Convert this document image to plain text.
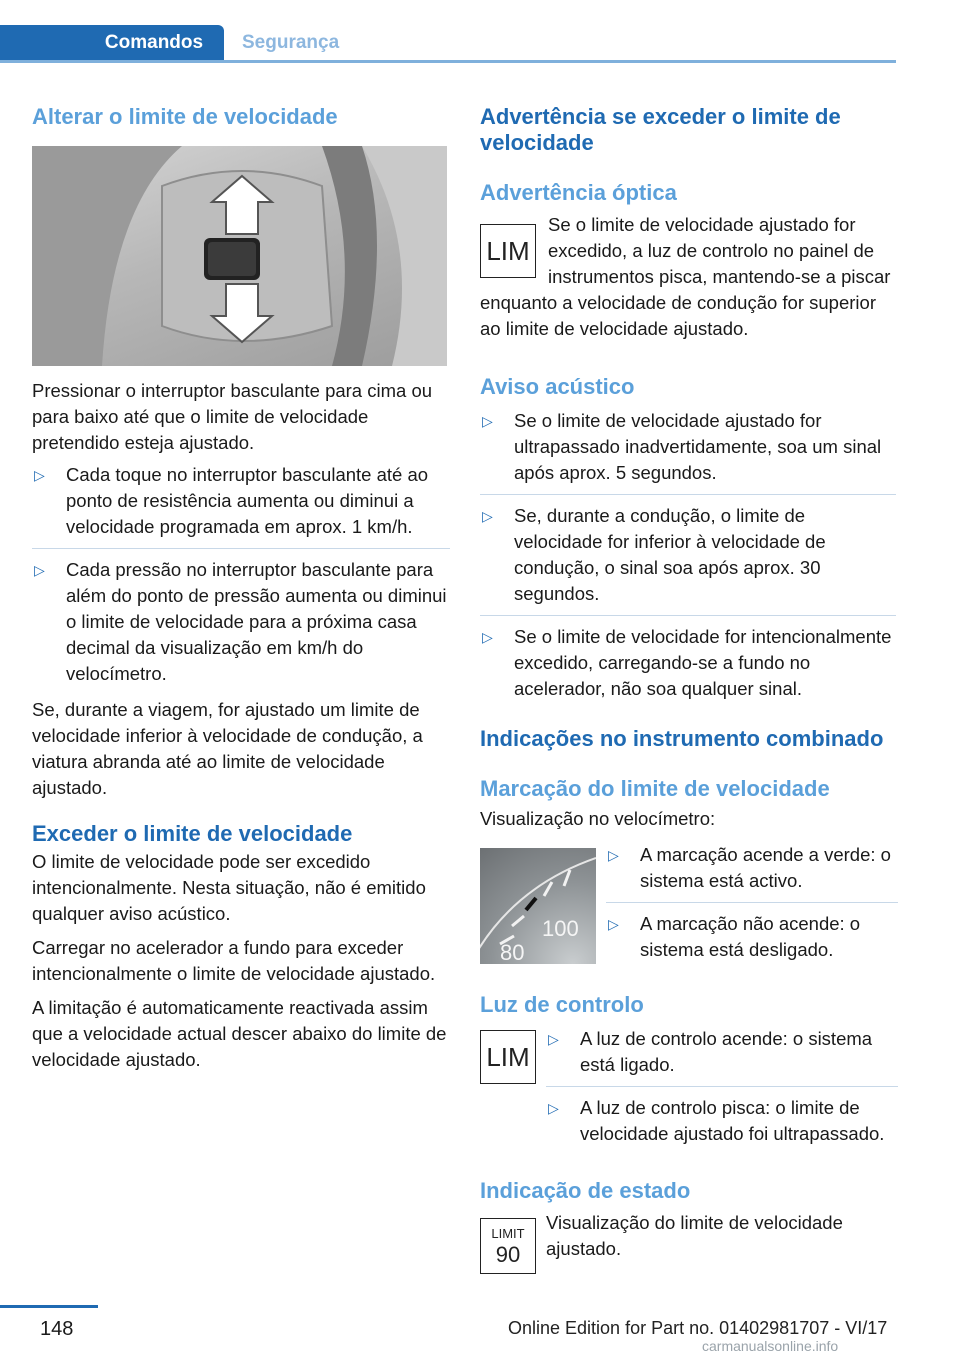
Comandos	Segurança
Alterar o limite de velocidade

Pressionar o interruptor basculante para cima ou para baixo até que o limite de velocidade pretendido esteja ajustado.

▷ Cada toque no interruptor basculante até ao ponto de resistência aumenta ou diminui a velocidade programada em aprox. 1 km/h.
▷ Cada pressão no interruptor basculante para além do ponto de pressão aumenta ou diminui o limite de velocidade para a próxima casa decimal da visualização em km/h do velocímetro.

Se, durante a viagem, for ajustado um limite de velocidade inferior à velocidade de condução, a viatura abranda até ao limite de velocidade ajustado.

Exceder o limite de velocidade

O limite de velocidade pode ser excedido intencionalmente. Nesta situação, não é emitido qualquer aviso acústico.

Carregar no acelerador a fundo para exceder intencionalmente o limite de velocidade ajustado.

A limitação é automaticamente reactivada assim que a velocidade actual descer abaixo do limite de velocidade ajustado.

Advertência se exceder o limite de velocidade
Advertência óptica
LIM

Se o limite de velocidade ajustado for excedido, a luz de controlo no painel de instrumentos pisca, mantendo-se a piscar enquanto a velocidade de condução for superior ao limite de velocidade ajustado.

Aviso acústico
▷ Se o limite de velocidade ajustado for ultrapassado inadvertidamente, soa um sinal após aprox. 5 segundos.
▷ Se, durante a condução, o limite de velocidade for inferior à velocidade de condução, o sinal soa após aprox. 30 segundos.
▷ Se o limite de velocidade for intencionalmente excedido, carregando-se a fundo no acelerador, não soa qualquer sinal.
Indicações no instrumento combinado
Marcação do limite de velocidade

Visualização no velocímetro:

100
80
▷ A marcação acende a verde: o sistema está activo.
▷ A marcação não acende: o sistema está desligado.
Luz de controlo
LIM
▷ A luz de controlo acende: o sistema está ligado.
▷ A luz de controlo pisca: o limite de velocidade ajustado foi ultrapassado.
Indicação de estado
LIMIT
90

Visualização do limite de velocidade ajustado.

148	Online Edition for Part no. 01402981707 - VI/17
carmanualsonline.info
